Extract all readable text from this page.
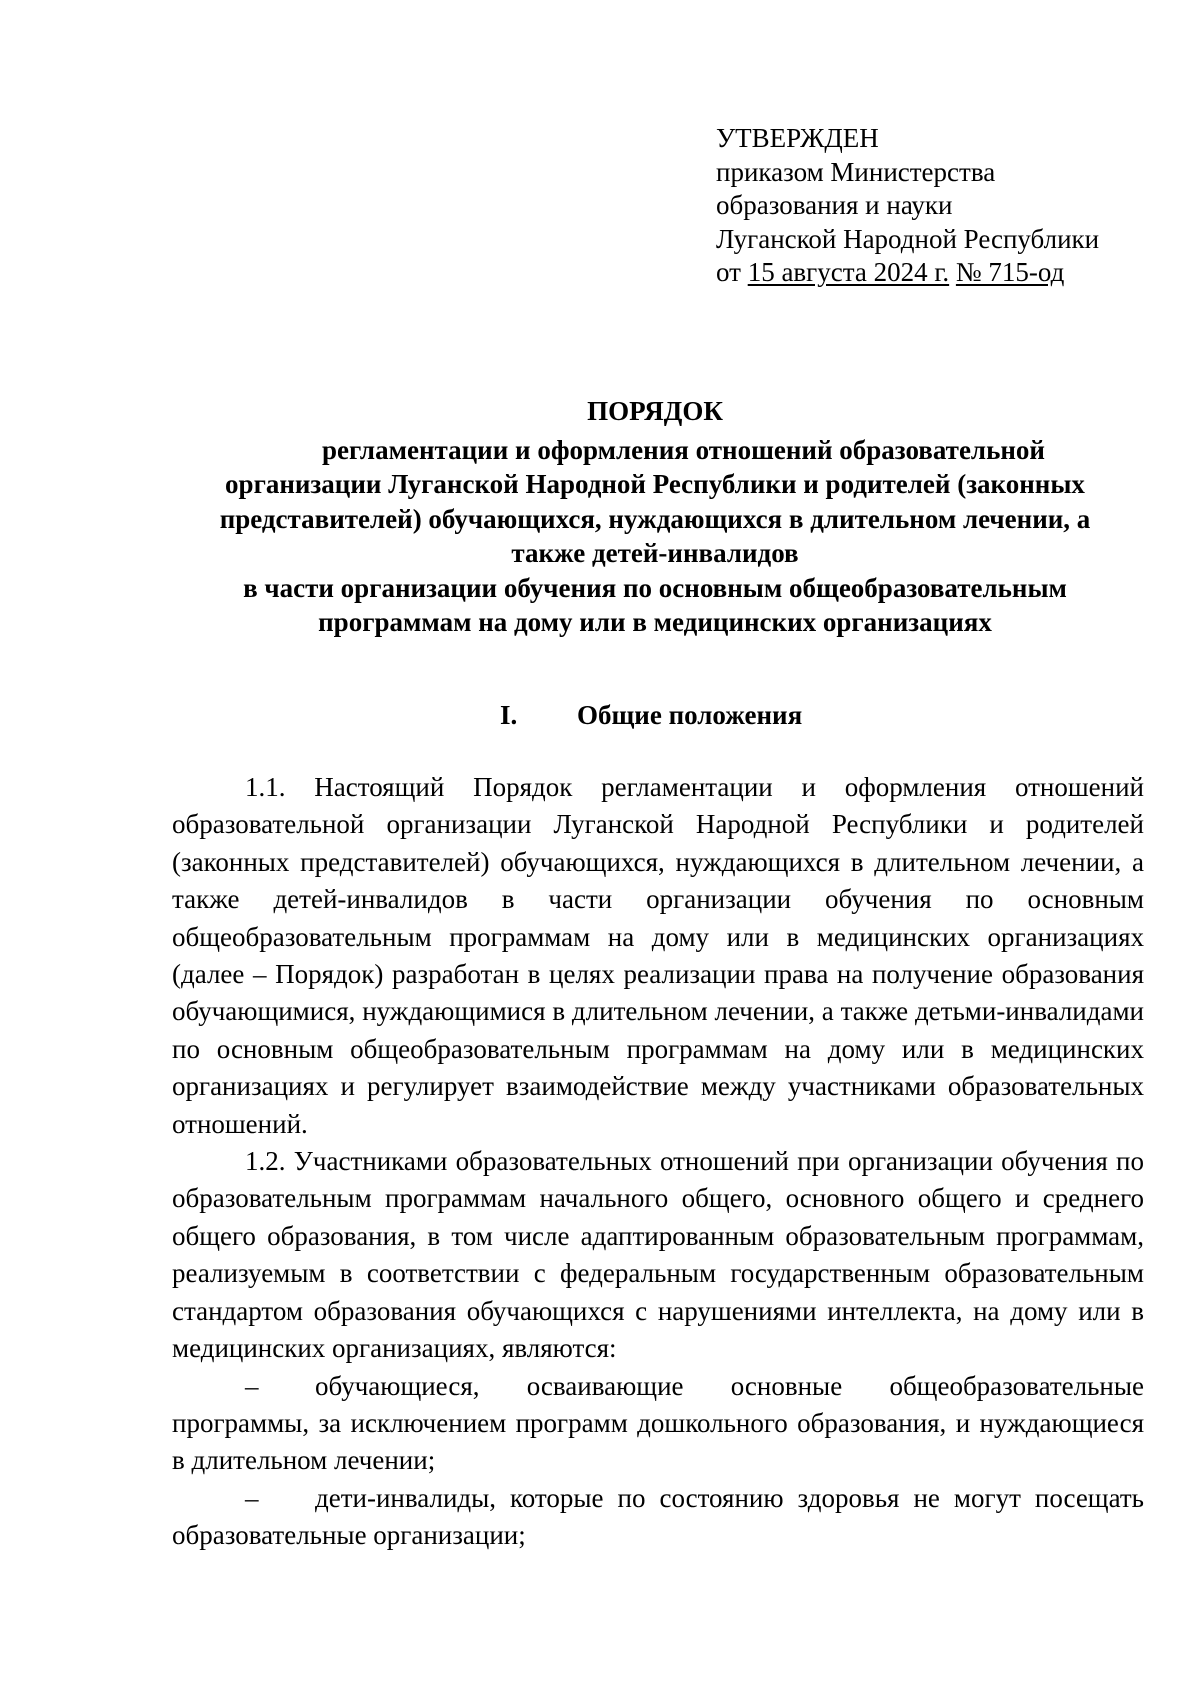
УТВЕРЖДЕН
приказом Министерства
образования и науки
Луганской Народной Республики
от 15 августа 2024 г. № 715-од
ПОРЯДОК
регламентации и оформления отношений образовательной
организации Луганской Народной Республики и родителей (законных
представителей) обучающихся, нуждающихся в длительном лечении, а
также детей-инвалидов
в части организации обучения по основным общеобразовательным
программам на дому или в медицинских организациях
I. Общие положения

1.1. Настоящий Порядок регламентации и оформления отношений образовательной организации Луганской Народной Республики и родителей (законных представителей) обучающихся, нуждающихся в длительном лечении, а также детей-инвалидов в части организации обучения по основным общеобразовательным программам на дому или в медицинских организациях (далее – Порядок) разработан в целях реализации права на получение образования обучающимися, нуждающимися в длительном лечении, а также детьми-инвалидами по основным общеобразовательным программам на дому или в медицинских организациях и регулирует взаимодействие между участниками образовательных отношений.

1.2. Участниками образовательных отношений при организации обучения по образовательным программам начального общего, основного общего и среднего общего образования, в том числе адаптированным образовательным программам, реализуемым в соответствии с федеральным государственным образовательным стандартом образования обучающихся с нарушениями интеллекта, на дому или в медицинских организациях, являются:

– обучающиеся, осваивающие основные общеобразовательные программы, за исключением программ дошкольного образования, и нуждающиеся в длительном лечении;

– дети-инвалиды, которые по состоянию здоровья не могут посещать образовательные организации;
